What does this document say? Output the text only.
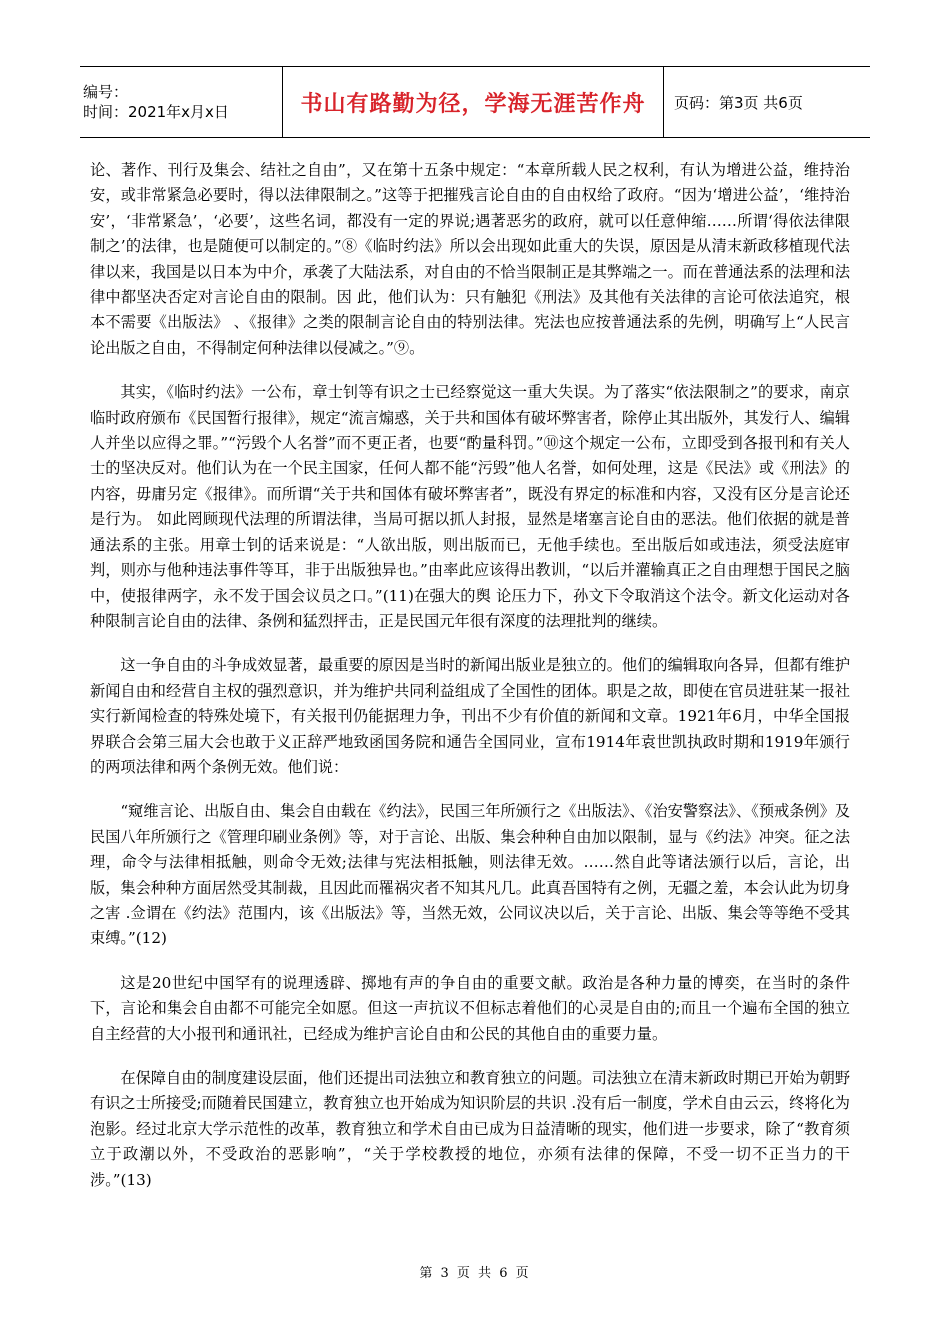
编号：
时间：2021年x月x日	书山有路勤为径，学海无涯苦作舟	页码：第3页 共6页

论、著作、刊行及集会、结社之自由”，又在第十五条中规定：“本章所载人民之权利，有认为增进公益，维持治安，或非常紧急必要时，得以法律限制之。”这等于把摧残言论自由的自由权给了政府。“因为‘增进公益’，‘维持治安’，‘非常紧急’，‘必要’，这些名词，都没有一定的界说;遇著恶劣的政府，就可以任意伸缩……所谓‘得依法律限制之’的法律，也是随便可以制定的。”⑧《临时约法》所以会出现如此重大的失误，原因是从清末新政移植现代法律以来，我国是以日本为中介，承袭了大陆法系，对自由的不恰当限制正是其弊端之一。而在普通法系的法理和法律中都坚决否定对言论自由的限制。因 此，他们认为：只有触犯《刑法》及其他有关法律的言论可依法追究，根本不需要《出版法》 、《报律》之类的限制言论自由的特别法律。宪法也应按普通法系的先例，明确写上“人民言论出版之自由，不得制定何种法律以侵减之。”⑨。

其实，《临时约法》一公布，章士钊等有识之士已经察觉这一重大失误。为了落实“依法限制之”的要求，南京临时政府颁布《民国暂行报律》，规定“流言煽惑，关于共和国体有破坏弊害者，除停止其出版外，其发行人、编辑人并坐以应得之罪。”“污毁个人名誉”而不更正者，也要“酌量科罚。”⑩这个规定一公布，立即受到各报刊和有关人士的坚决反对。他们认为在一个民主国家，任何人都不能“污毁”他人名誉，如何处理，这是《民法》或《刑法》的内容，毋庸另定《报律》。而所谓“关于共和国体有破坏弊害者”，既没有界定的标准和内容，又没有区分是言论还是行为。 如此罔顾现代法理的所谓法律，当局可据以抓人封报，显然是堵塞言论自由的恶法。他们依据的就是普通法系的主张。用章士钊的话来说是：“人欲出版，则出版而已，无他手续也。至出版后如或违法，须受法庭审判，则亦与他种违法事件等耳，非于出版独异也。”由率此应该得出教训，“以后并灌输真正之自由理想于国民之脑中，使报律两字，永不发于国会议员之口。”(11)在强大的舆 论压力下，孙文下令取消这个法令。新文化运动对各种限制言论自由的法律、条例和猛烈抨击，正是民国元年很有深度的法理批判的继续。

这一争自由的斗争成效显著，最重要的原因是当时的新闻出版业是独立的。他们的编辑取向各异，但都有维护新闻自由和经营自主权的强烈意识，并为维护共同利益组成了全国性的团体。职是之故，即使在官员进驻某一报社实行新闻检查的特殊处境下，有关报刊仍能据理力争，刊出不少有价值的新闻和文章。1921年6月，中华全国报界联合会第三届大会也敢于义正辞严地致函国务院和通告全国同业，宣布1914年袁世凯执政时期和1919年颁行的两项法律和两个条例无效。他们说：

“窥维言论、出版自由、集会自由载在《约法》，民国三年所颁行之《出版法》、《治安警察法》、《预戒条例》及民国八年所颁行之《管理印刷业条例》等，对于言论、出版、集会种种自由加以限制，显与《约法》冲突。征之法理，命令与法律相抵触，则命令无效;法律与宪法相抵触，则法律无效。……然自此等诸法颁行以后，言论，出版，集会种种方面居然受其制裁，且因此而罹祸灾者不知其凡几。此真吾国特有之例，无疆之羞，本会认此为切身之害 .佥谓在《约法》范围内，该《出版法》等，当然无效，公同议决以后，关于言论、出版、集会等等绝不受其束缚。”(12)

这是20世纪中国罕有的说理透辟、掷地有声的争自由的重要文献。政治是各种力量的博奕，在当时的条件下，言论和集会自由都不可能完全如愿。但这一声抗议不但标志着他们的心灵是自由的;而且一个遍布全国的独立自主经营的大小报刊和通讯社，已经成为维护言论自由和公民的其他自由的重要力量。

在保障自由的制度建设层面，他们还提出司法独立和教育独立的问题。司法独立在清末新政时期已开始为朝野有识之士所接受;而随着民国建立，教育独立也开始成为知识阶层的共识 .没有后一制度，学术自由云云，终将化为泡影。经过北京大学示范性的改革，教育独立和学术自由已成为日益清晰的现实，他们进一步要求，除了“教育须立于政潮以外，不受政治的恶影响”，“关于学校教授的地位，亦须有法律的保障，不受一切不正当力的干涉。”(13)

第 3 页 共 6 页
